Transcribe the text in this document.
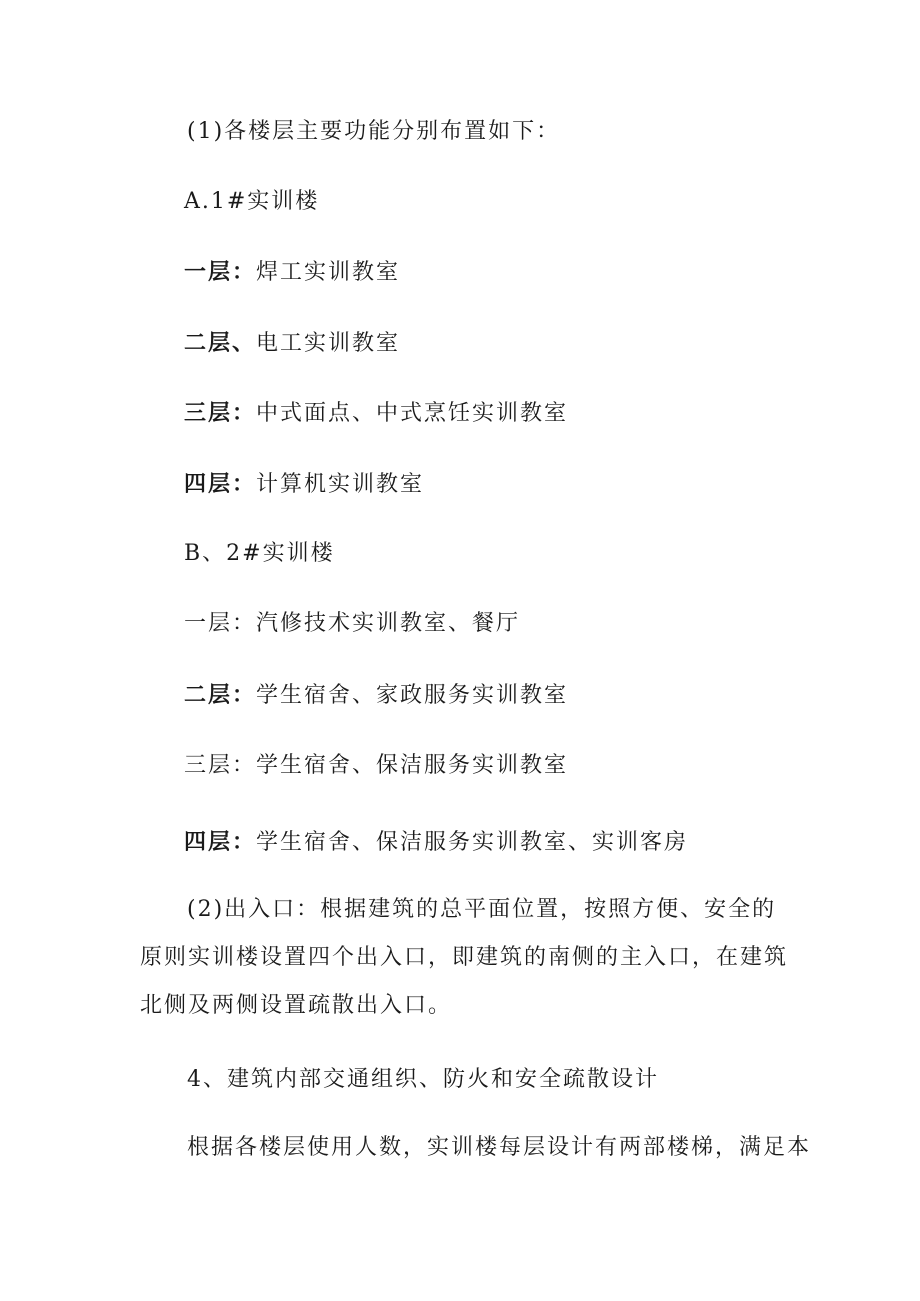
(1)各楼层主要功能分别布置如下：
A.1#实训楼
一层：焊工实训教室
二层、电工实训教室
三层：中式面点、中式烹饪实训教室
四层：计算机实训教室
B、2#实训楼
一层：汽修技术实训教室、餐厅
二层：学生宿舍、家政服务实训教室
三层：学生宿舍、保洁服务实训教室
四层：学生宿舍、保洁服务实训教室、实训客房
(2)出入口：根据建筑的总平面位置，按照方便、安全的原则实训楼设置四个出入口，即建筑的南侧的主入口，在建筑北侧及两侧设置疏散出入口。
4、建筑内部交通组织、防火和安全疏散设计
根据各楼层使用人数，实训楼每层设计有两部楼梯，满足本
